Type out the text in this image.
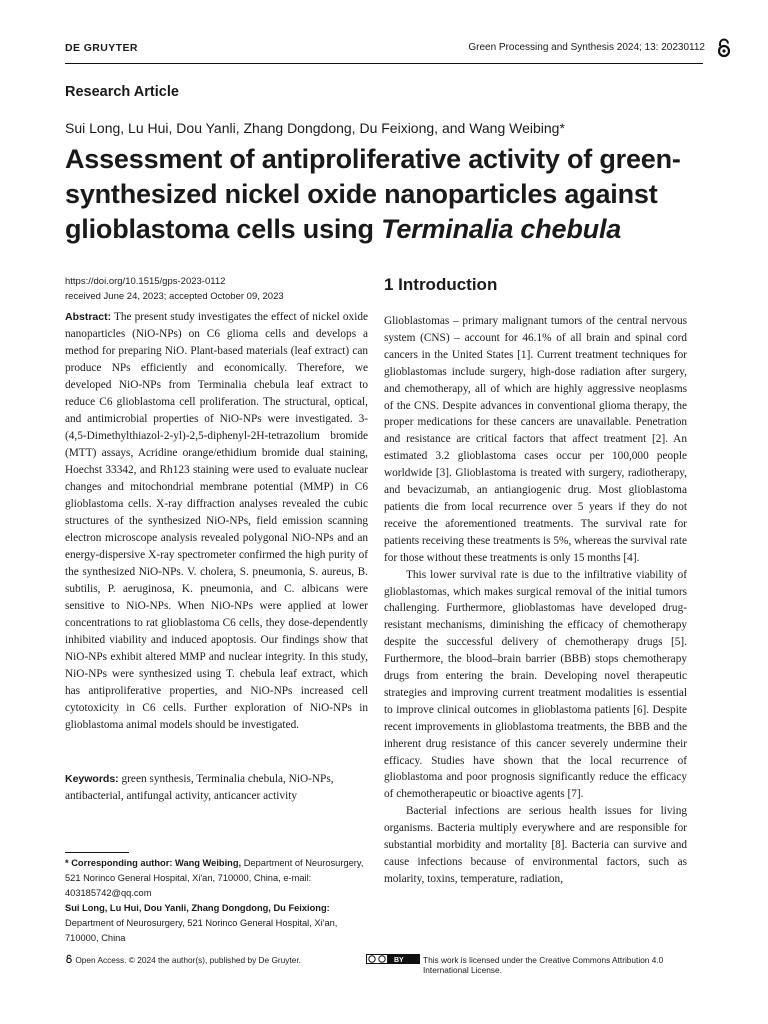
DE GRUYTER	Green Processing and Synthesis 2024; 13: 20230112
Research Article
Sui Long, Lu Hui, Dou Yanli, Zhang Dongdong, Du Feixiong, and Wang Weibing*
Assessment of antiproliferative activity of green-synthesized nickel oxide nanoparticles against glioblastoma cells using Terminalia chebula
https://doi.org/10.1515/gps-2023-0112
received June 24, 2023; accepted October 09, 2023

Abstract: The present study investigates the effect of nickel oxide nanoparticles (NiO-NPs) on C6 glioma cells and develops a method for preparing NiO. Plant-based materials (leaf extract) can produce NPs efficiently and economically. Therefore, we developed NiO-NPs from Terminalia chebula leaf extract to reduce C6 glioblastoma cell proliferation. The structural, optical, and antimicrobial properties of NiO-NPs were investigated. 3-(4,5-Dimethylthiazol-2-yl)-2,5-diphenyl-2H-tetrazolium bromide (MTT) assays, Acridine orange/ethidium bromide dual staining, Hoechst 33342, and Rh123 staining were used to evaluate nuclear changes and mitochondrial membrane potential (MMP) in C6 glioblastoma cells. X-ray diffraction analyses revealed the cubic structures of the synthesized NiO-NPs, field emission scanning electron microscope analysis revealed polygonal NiO-NPs and an energy-dispersive X-ray spectrometer confirmed the high purity of the synthesized NiO-NPs. V. cholera, S. pneumonia, S. aureus, B. subtilis, P. aeruginosa, K. pneumonia, and C. albicans were sensitive to NiO-NPs. When NiO-NPs were applied at lower concentrations to rat glioblastoma C6 cells, they dose-dependently inhibited viability and induced apoptosis. Our findings show that NiO-NPs exhibit altered MMP and nuclear integrity. In this study, NiO-NPs were synthesized using T. chebula leaf extract, which has antiproliferative properties, and NiO-NPs increased cell cytotoxicity in C6 cells. Further exploration of NiO-NPs in glioblastoma animal models should be investigated.

Keywords: green synthesis, Terminalia chebula, NiO-NPs, antibacterial, antifungal activity, anticancer activity

* Corresponding author: Wang Weibing, Department of Neurosurgery, 521 Norinco General Hospital, Xi'an, 710000, China, e-mail: 403185742@qq.com
Sui Long, Lu Hui, Dou Yanli, Zhang Dongdong, Du Feixiong: Department of Neurosurgery, 521 Norinco General Hospital, Xi'an, 710000, China
1 Introduction

Glioblastomas – primary malignant tumors of the central nervous system (CNS) – account for 46.1% of all brain and spinal cord cancers in the United States [1]. Current treatment techniques for glioblastomas include surgery, high-dose radiation after surgery, and chemotherapy, all of which are highly aggressive neoplasms of the CNS. Despite advances in conventional glioma therapy, the proper medications for these cancers are unavailable. Penetration and resistance are critical factors that affect treatment [2]. An estimated 3.2 glioblastoma cases occur per 100,000 people worldwide [3]. Glioblastoma is treated with surgery, radiotherapy, and bevacizumab, an antiangiogenic drug. Most glioblastoma patients die from local recurrence over 5 years if they do not receive the aforementioned treatments. The survival rate for patients receiving these treatments is 5%, whereas the survival rate for those without these treatments is only 15 months [4].

This lower survival rate is due to the infiltrative viability of glioblastomas, which makes surgical removal of the initial tumors challenging. Furthermore, glioblastomas have developed drug-resistant mechanisms, diminishing the efficacy of chemotherapy despite the successful delivery of chemotherapy drugs [5]. Furthermore, the blood–brain barrier (BBB) stops chemotherapy drugs from entering the brain. Developing novel therapeutic strategies and improving current treatment modalities is essential to improve clinical outcomes in glioblastoma patients [6]. Despite recent improvements in glioblastoma treatments, the BBB and the inherent drug resistance of this cancer severely undermine their efficacy. Studies have shown that the local recurrence of glioblastoma and poor prognosis significantly reduce the efficacy of chemotherapeutic or bioactive agents [7].

Bacterial infections are serious health issues for living organisms. Bacteria multiply everywhere and are responsible for substantial morbidity and mortality [8]. Bacteria can survive and cause infections because of environmental factors, such as molarity, toxins, temperature, radiation,

Open Access. © 2024 the author(s), published by De Gruyter.	BY This work is licensed under the Creative Commons Attribution 4.0 International License.
